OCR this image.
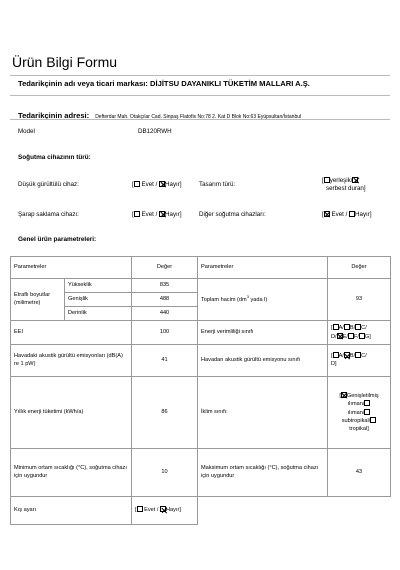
Ürün Bilgi Formu
Tedarikçinin adı veya ticari markası: DİJİTSU DAYANIKLI TÜKETİM MALLARI A.Ş.
Tedarikçinin adresi: Defterdar Mah. Otakçılar Cad. Sinpaş Flatofis No:78 2. Kat D Blok No:63 Eyüpsultan/İstanbul
Model	DB120RWH
Soğutma cihazının türü:
Düşük gürültülü cihaz:	[ Evet / Hayır]	Tasarım türü:
[ yerleşik/
serbest duran]
Şarap saklama cihazı:	[ Evet / Hayır]	Diğer soğutma cihazları:	[ Evet / Hayır]
Genel ürün parametreleri:
Parametreler		Değer	Parametreler	Değer
Etraflı boyutlar (milimetre)	Yükseklik	835	Toplam hacim ($dm^3$ yada l)	93
	Genişlik	488		
	Derinlik	440		
EEI		100	Enerji verimliliği sınıfı	[ A/ B/ C/
D/ E/ F/ G]
Havadaki akustik gürültü emisyonları (dB(A) re 1 pW)		41	Havadan akustik gürültü emisyonu sınıfı	[ A/ B/ C/
D]
Yıllık enerji tüketimi (kWh/a)		86	İklim sınıfı:	[ Genişletilmiş
ılıman/
ılıman/
subtropikal/
tropikal]
Minimum ortam sıcaklığı (°C), soğutma cihazı için uygundur		10	Maksimum ortam sıcaklığı (°C), soğutma cihazı için uygundur	43
Kış ayarı		[ Evet / Hayır]		
